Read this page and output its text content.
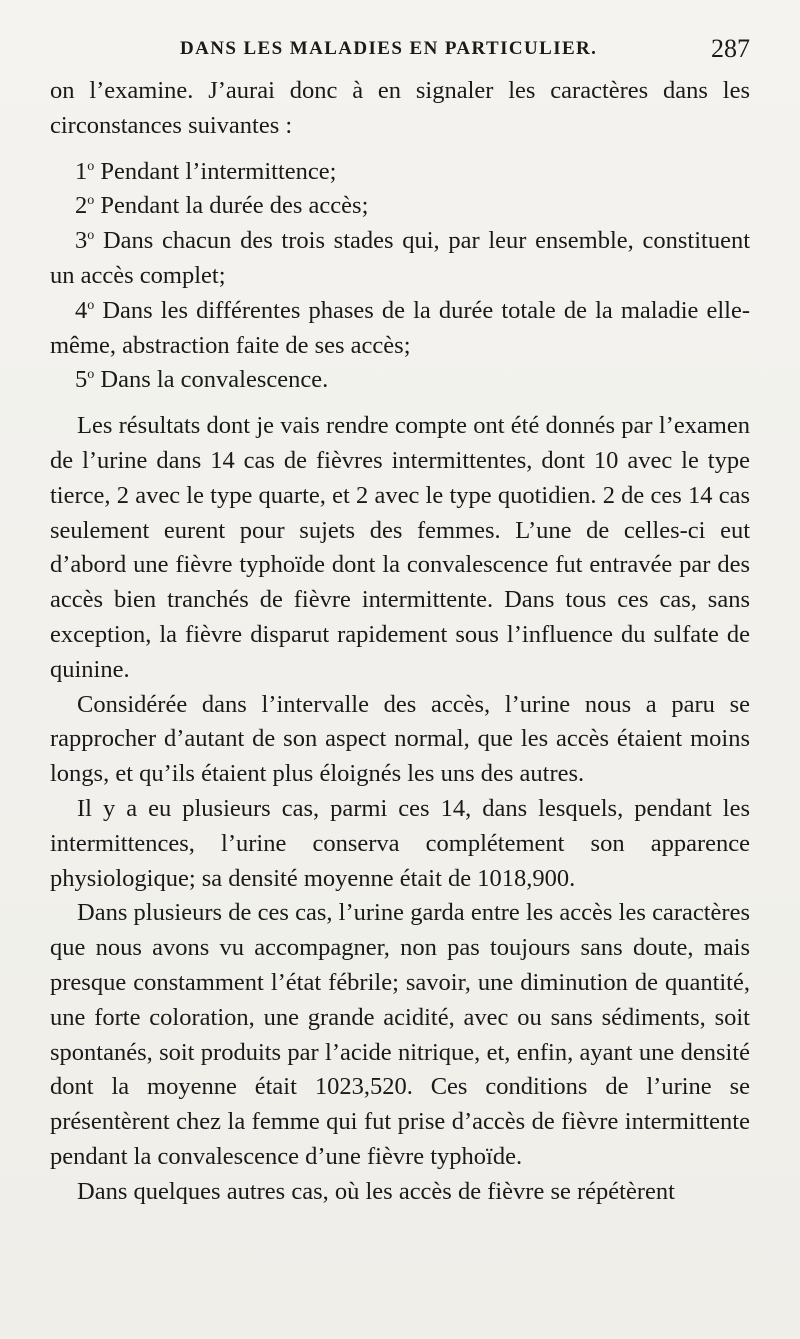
DANS LES MALADIES EN PARTICULIER.	287

on l’examine. J’aurai donc à en signaler les caractères dans les circonstances suivantes :

1$^o$ Pendant l’intermittence;

2$^o$ Pendant la durée des accès;

3$^o$ Dans chacun des trois stades qui, par leur ensemble, constituent un accès complet;

4$^o$ Dans les différentes phases de la durée totale de la maladie elle-même, abstraction faite de ses accès;

5$^o$ Dans la convalescence.

Les résultats dont je vais rendre compte ont été donnés par l’examen de l’urine dans 14 cas de fièvres intermittentes, dont 10 avec le type tierce, 2 avec le type quarte, et 2 avec le type quotidien. 2 de ces 14 cas seulement eurent pour sujets des femmes. L’une de celles-ci eut d’abord une fièvre typhoïde dont la convalescence fut entravée par des accès bien tranchés de fièvre intermittente. Dans tous ces cas, sans exception, la fièvre disparut rapidement sous l’influence du sulfate de quinine.

Considérée dans l’intervalle des accès, l’urine nous a paru se rapprocher d’autant de son aspect normal, que les accès étaient moins longs, et qu’ils étaient plus éloignés les uns des autres.

Il y a eu plusieurs cas, parmi ces 14, dans lesquels, pendant les intermittences, l’urine conserva complétement son apparence physiologique; sa densité moyenne était de 1018,900.

Dans plusieurs de ces cas, l’urine garda entre les accès les caractères que nous avons vu accompagner, non pas toujours sans doute, mais presque constamment l’état fébrile; savoir, une diminution de quantité, une forte coloration, une grande acidité, avec ou sans sédiments, soit spontanés, soit produits par l’acide nitrique, et, enfin, ayant une densité dont la moyenne était 1023,520. Ces conditions de l’urine se présentèrent chez la femme qui fut prise d’accès de fièvre intermittente pendant la convalescence d’une fièvre typhoïde.

Dans quelques autres cas, où les accès de fièvre se répétèrent
